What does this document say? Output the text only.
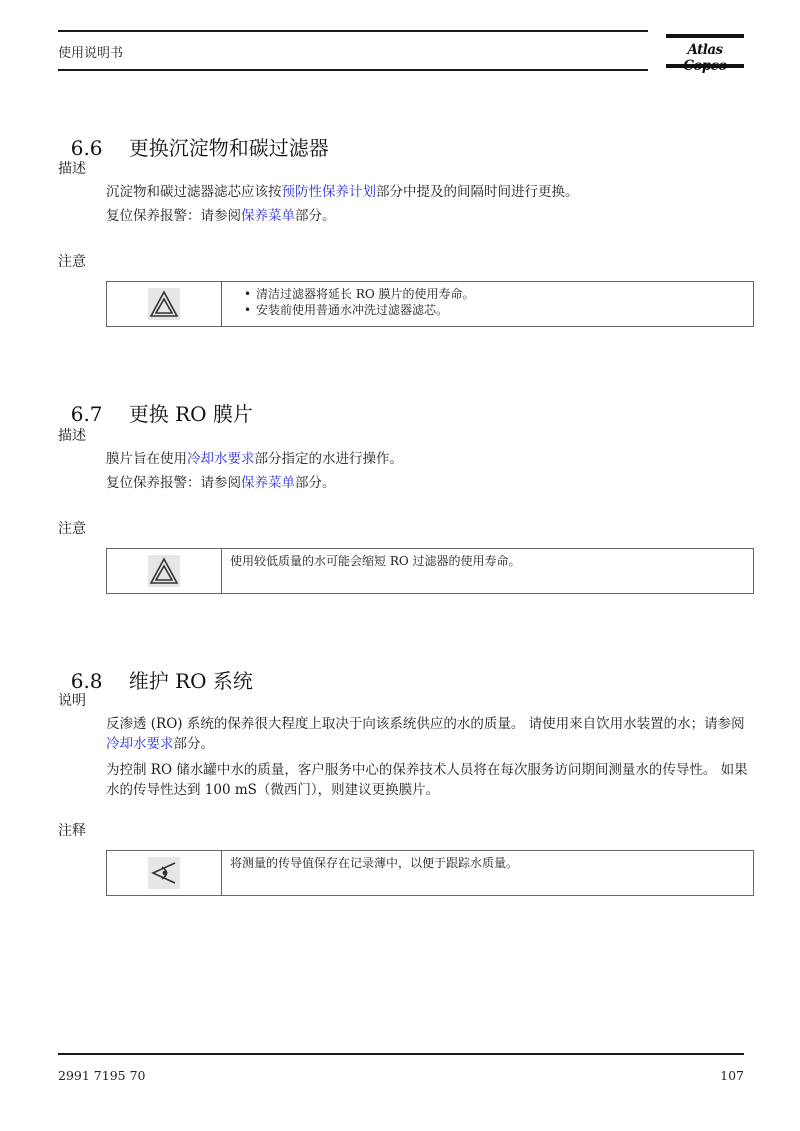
使用说明书	Atlas

6.6 更换沉淀物和碳过滤器

描述
沉淀物和碳过滤器滤芯应该按预防性保养计划部分中提及的间隔时间进行更换。
复位保养报警：请参阅保养菜单部分。
注意
• 清洁过滤器将延长 RO 膜片的使用寿命。
• 安装前使用普通水冲洗过滤器滤芯。

6.7 更换 RO 膜片

描述
膜片旨在使用冷却水要求部分指定的水进行操作。
复位保养报警：请参阅保养菜单部分。
注意
使用较低质量的水可能会缩短 RO 过滤器的使用寿命。

6.8 维护 RO 系统

说明
反渗透 (RO) 系统的保养很大程度上取决于向该系统供应的水的质量。 请使用来自饮用水装置的水；请参阅冷却水要求部分。
为控制 RO 储水罐中水的质量，客户服务中心的保养技术人员将在每次服务访问期间测量水的传导性。 如果水的传导性达到 100 mS（微西门），则建议更换膜片。
注释
将测量的传导值保存在记录薄中，以便于跟踪水质量。
2991 7195 70	107
